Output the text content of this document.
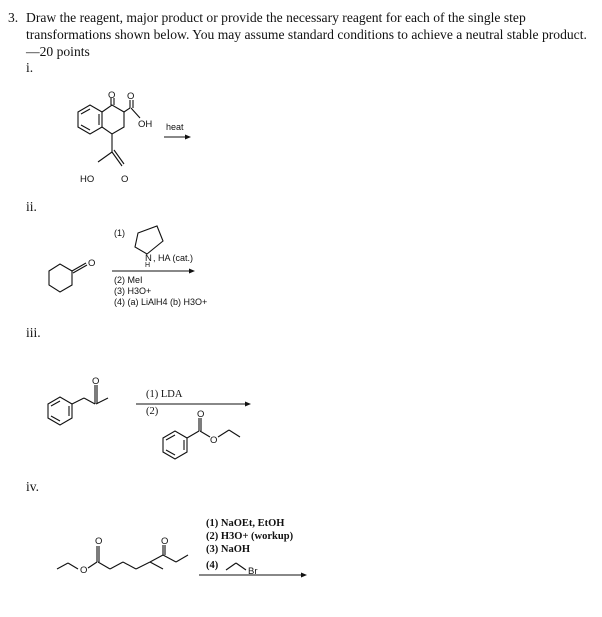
3. Draw the reagent, major product or provide the necessary reagent for each of the single step transformations shown below. You may assume standard conditions to achieve a neutral stable product.—20 points
i.
ii.
iii.
iv.
O O
OH
HO	O
heat
O	N
(1)
H
, HA (cat.)
(2) MeI
(3) H3O+
(4) (a) LiAlH4 (b) H3O+
O
O
O
(1) LDA
(2)
O
O	O
Br
(1) NaOEt, EtOH
(2) H3O+ (workup)
(3) NaOH
(4)
